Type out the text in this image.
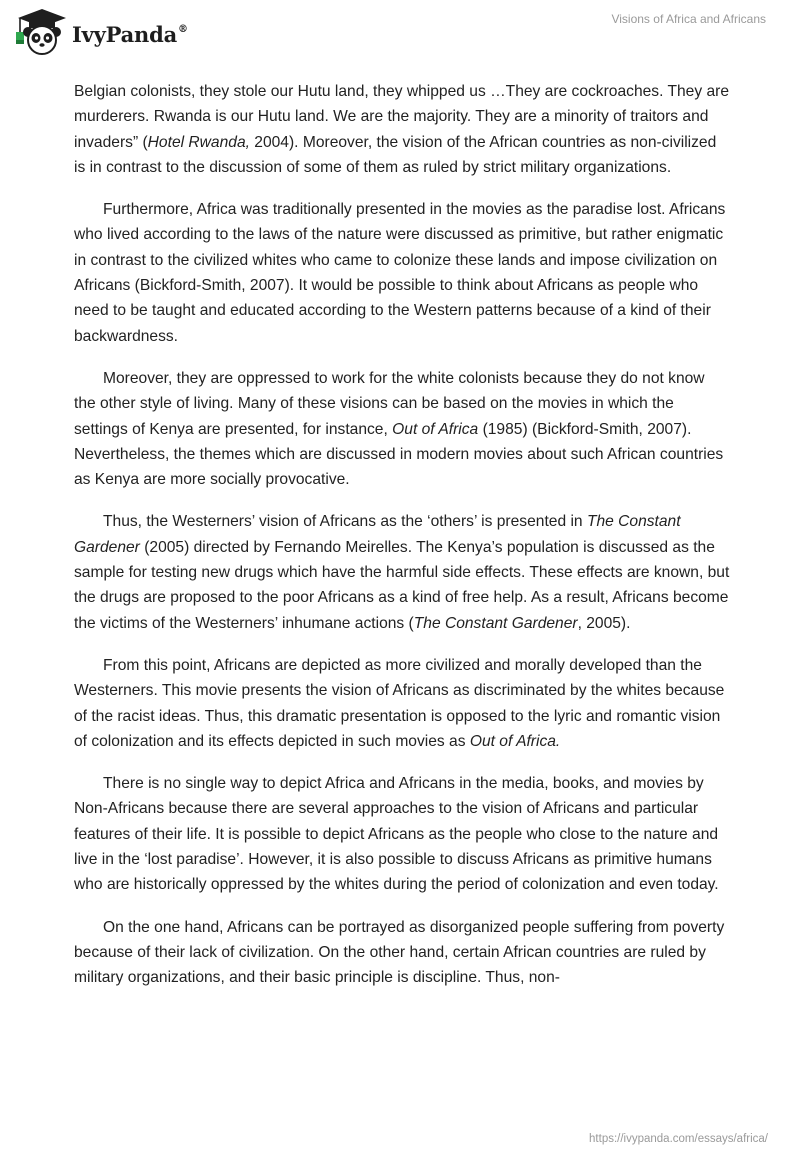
IvyPanda®
Visions of Africa and Africans

Belgian colonists, they stole our Hutu land, they whipped us …They are cockroaches. They are murderers. Rwanda is our Hutu land. We are the majority. They are a minority of traitors and invaders” (Hotel Rwanda, 2004). Moreover, the vision of the African countries as non-civilized is in contrast to the discussion of some of them as ruled by strict military organizations.

Furthermore, Africa was traditionally presented in the movies as the paradise lost. Africans who lived according to the laws of the nature were discussed as primitive, but rather enigmatic in contrast to the civilized whites who came to colonize these lands and impose civilization on Africans (Bickford-Smith, 2007). It would be possible to think about Africans as people who need to be taught and educated according to the Western patterns because of a kind of their backwardness.

Moreover, they are oppressed to work for the white colonists because they do not know the other style of living. Many of these visions can be based on the movies in which the settings of Kenya are presented, for instance, Out of Africa (1985) (Bickford-Smith, 2007). Nevertheless, the themes which are discussed in modern movies about such African countries as Kenya are more socially provocative.

Thus, the Westerners’ vision of Africans as the ‘others’ is presented in The Constant Gardener (2005) directed by Fernando Meirelles. The Kenya’s population is discussed as the sample for testing new drugs which have the harmful side effects. These effects are known, but the drugs are proposed to the poor Africans as a kind of free help. As a result, Africans become the victims of the Westerners’ inhumane actions (The Constant Gardener, 2005).

From this point, Africans are depicted as more civilized and morally developed than the Westerners. This movie presents the vision of Africans as discriminated by the whites because of the racist ideas. Thus, this dramatic presentation is opposed to the lyric and romantic vision of colonization and its effects depicted in such movies as Out of Africa.

There is no single way to depict Africa and Africans in the media, books, and movies by Non-Africans because there are several approaches to the vision of Africans and particular features of their life. It is possible to depict Africans as the people who close to the nature and live in the ‘lost paradise’. However, it is also possible to discuss Africans as primitive humans who are historically oppressed by the whites during the period of colonization and even today.

On the one hand, Africans can be portrayed as disorganized people suffering from poverty because of their lack of civilization. On the other hand, certain African countries are ruled by military organizations, and their basic principle is discipline. Thus, non-

https://ivypanda.com/essays/africa/
